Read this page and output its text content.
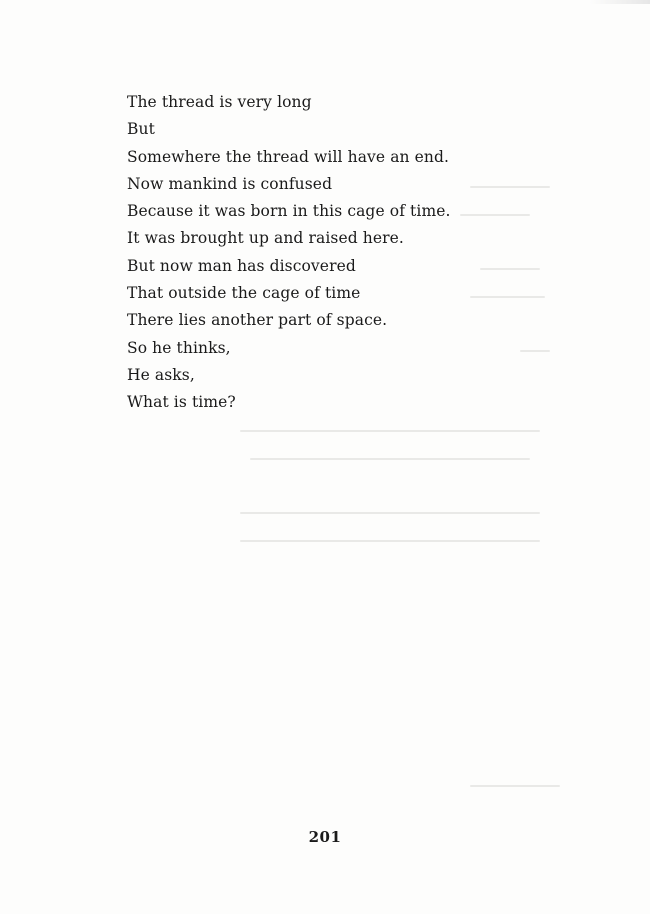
The thread is very long
But
Somewhere the thread will have an end.
Now mankind is confused
Because it was born in this cage of time.
It was brought up and raised here.
But now man has discovered
That outside the cage of time
There lies another part of space.
So he thinks,
He asks,
What is time?
201
